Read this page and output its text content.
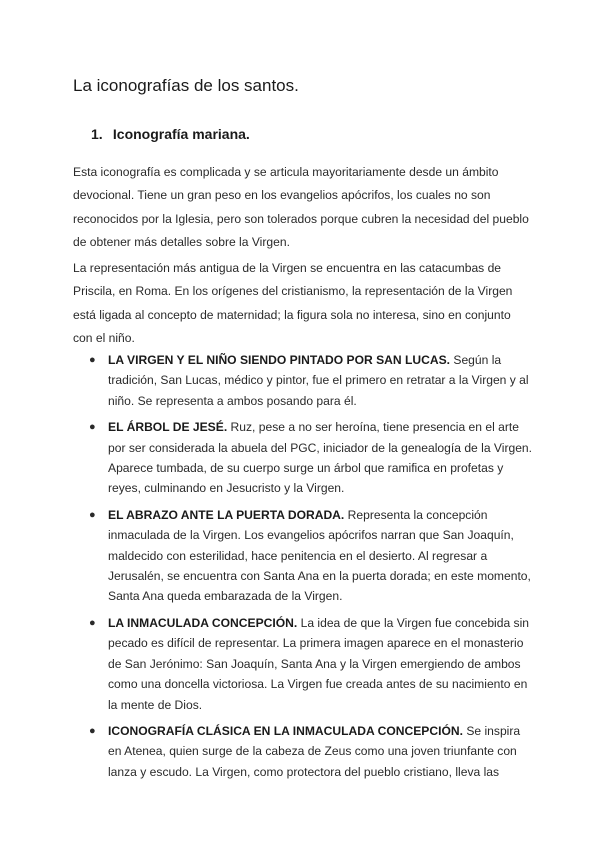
La iconografías de los santos.
1. Iconografía mariana.

Esta iconografía es complicada y se articula mayoritariamente desde un ámbito devocional. Tiene un gran peso en los evangelios apócrifos, los cuales no son reconocidos por la Iglesia, pero son tolerados porque cubren la necesidad del pueblo de obtener más detalles sobre la Virgen.

La representación más antigua de la Virgen se encuentra en las catacumbas de Priscila, en Roma. En los orígenes del cristianismo, la representación de la Virgen está ligada al concepto de maternidad; la figura sola no interesa, sino en conjunto con el niño.

● LA VIRGEN Y EL NIÑO SIENDO PINTADO POR SAN LUCAS. Según la tradición, San Lucas, médico y pintor, fue el primero en retratar a la Virgen y al niño. Se representa a ambos posando para él.
● EL ÁRBOL DE JESÉ. Ruz, pese a no ser heroína, tiene presencia en el arte por ser considerada la abuela del PGC, iniciador de la genealogía de la Virgen. Aparece tumbada, de su cuerpo surge un árbol que ramifica en profetas y reyes, culminando en Jesucristo y la Virgen.
● EL ABRAZO ANTE LA PUERTA DORADA. Representa la concepción inmaculada de la Virgen. Los evangelios apócrifos narran que San Joaquín, maldecido con esterilidad, hace penitencia en el desierto. Al regresar a Jerusalén, se encuentra con Santa Ana en la puerta dorada; en este momento, Santa Ana queda embarazada de la Virgen.
● LA INMACULADA CONCEPCIÓN. La idea de que la Virgen fue concebida sin pecado es difícil de representar. La primera imagen aparece en el monasterio de San Jerónimo: San Joaquín, Santa Ana y la Virgen emergiendo de ambos como una doncella victoriosa. La Virgen fue creada antes de su nacimiento en la mente de Dios.
● ICONOGRAFÍA CLÁSICA EN LA INMACULADA CONCEPCIÓN. Se inspira en Atenea, quien surge de la cabeza de Zeus como una joven triunfante con lanza y escudo. La Virgen, como protectora del pueblo cristiano, lleva las
